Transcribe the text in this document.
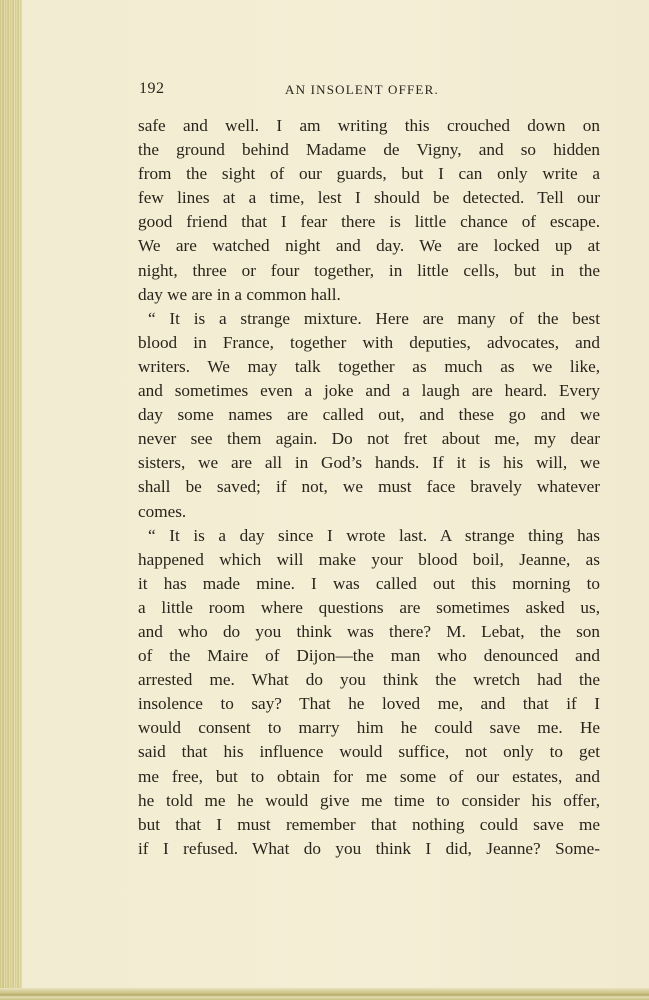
192	AN INSOLENT OFFER.
safe and well. I am writing this crouched down on
the ground behind Madame de Vigny, and so hidden
from the sight of our guards, but I can only write a
few lines at a time, lest I should be detected. Tell our
good friend that I fear there is little chance of escape.
We are watched night and day. We are locked up at
night, three or four together, in little cells, but in the
day we are in a common hall.
“ It is a strange mixture. Here are many of the best
blood in France, together with deputies, advocates, and
writers. We may talk together as much as we like,
and sometimes even a joke and a laugh are heard. Every
day some names are called out, and these go and we
never see them again. Do not fret about me, my dear
sisters, we are all in God’s hands. If it is his will, we
shall be saved; if not, we must face bravely whatever
comes.
“ It is a day since I wrote last. A strange thing has
happened which will make your blood boil, Jeanne, as
it has made mine. I was called out this morning to
a little room where questions are sometimes asked us,
and who do you think was there? M. Lebat, the son
of the Maire of Dijon—the man who denounced and
arrested me. What do you think the wretch had the
insolence to say? That he loved me, and that if I
would consent to marry him he could save me. He
said that his influence would suffice, not only to get
me free, but to obtain for me some of our estates, and
he told me he would give me time to consider his offer,
but that I must remember that nothing could save me
if I refused. What do you think I did, Jeanne? Some-
